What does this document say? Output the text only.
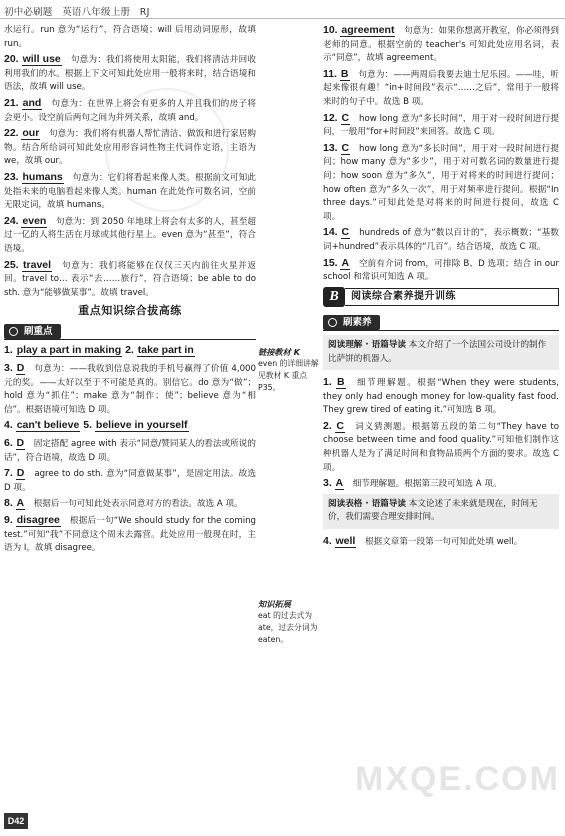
初中必刷题　英语八年级上册　RJ

水运行。run 意为“运行”，符合语境；will 后用动词原形，故填 run。

20. will use　 句意为：我们将使用太阳能，我们将清洁并回收利用我们的水。根据上下文可知此处应用一般将来时，结合语境和语法，故填 will use。

21. and　 句意为：在世界上将会有更多的人并且我们的房子将会更小。设空前后两句之间为并列关系，故填 and。

22. our　 句意为：我们将有机器人帮忙清洁、做饭和进行家居购物。结合所给词可知此处应用形容词性物主代词作定语，主语为 we，故填 our。

23. humans　 句意为：它们将看起来像人类。根据前文可知此处指未来的电脑看起来像人类。human 在此处作可数名词，空前无限定词，故填 humans。

24. even　 句意为：到 2050 年地球上将会有太多的人，甚至超过一亿的人将生活在月球或其他行星上。even 意为“甚至”，符合语境。

25. travel　 句意为：我们将能够在仅仅三天内前往火星并返回。travel to… 表示“去……旅行”，符合语境；be able to do sth. 意为“能够做某事”。故填 travel。

重点知识综合拔高练
刷重点
1. play a part in making 2. take part in

3. D　 句意为：——我收到信息说我的手机号赢得了价值 4,000 元的奖。——太好以至于不可能是真的。别信它。do 意为“做”；hold 意为“抓住”；make 意为“制作；使”；believe 意为“相信”。根据语境可知选 D 项。

4. can't believe 5. believe in yourself

6. D　 固定搭配 agree with 表示“同意/赞同某人的看法或所说的话”，符合语境，故选 D 项。

7. D　 agree to do sth. 意为“同意做某事”，是固定用法。故选 D 项。

8. A　 根据后一句可知此处表示同意对方的看法。故选 A 项。

9. disagree　 根据后一句“We should study for the coming test.”可知“我”不同意这个周末去露营。此处应用一般现在时，主语为 I，故填 disagree。

链接教材 K
even 的详细讲解见教材 K 重点 P35。
知识拓展
eat 的过去式为 ate，过去分词为 eaten。

10. agreement　 句意为：如果你想离开教室，你必须得到老师的同意。根据空前的 teacher's 可知此处应用名词，表示“同意”，故填 agreement。

11. B　 句意为：——两周后我要去迪士尼乐园。——哇，听起来像很有趣！“in+时间段”表示“……之后”，常用于一般将来时的句子中。故选 B 项。

12. C　 how long 意为“多长时间”，用于对一段时间进行提问，一般用“for+时间段”来回答。故选 C 项。

13. C　 how long 意为“多长时间”，用于对一段时间进行提问；how many 意为“多少”，用于对可数名词的数量进行提问；how soon 意为“多久”，用于对将来的时间进行提问；how often 意为“多久一次”，用于对频率进行提问。根据“In three days.”可知此处是对将来的时间进行提问，故选 C 项。

14. C　 hundreds of 意为“数以百计的”，表示概数；“基数词+hundred”表示具体的“几百”。结合语境，故选 C 项。

15. A　 空前有介词 from，可排除 B、D 选项；结合 in our school 和常识可知选 A 项。

B	阅读综合素养提升训练
刷素养
阅读理解 · 语篇导读 本文介绍了一个法国公司设计的制作比萨饼的机器人。

1. B　 细节理解题。根据“When they were students, they only had enough money for low-quality fast food. They grew tired of eating it.”可知选 B 项。

2. C　 词义猜测题。根据第五段的第二句“They have to choose between time and food quality.”可知他们制作这种机器人是为了满足时间和食物品质两个方面的要求。故选 C 项。

3. A　 细节理解题。根据第三段可知选 A 项。

阅读表格 · 语篇导读 本文论述了未来就是现在，时间无价，我们需要合理安排时间。

4. well　 根据文章第一段第一句可知此处填 well。

D42
MXQE.COM
